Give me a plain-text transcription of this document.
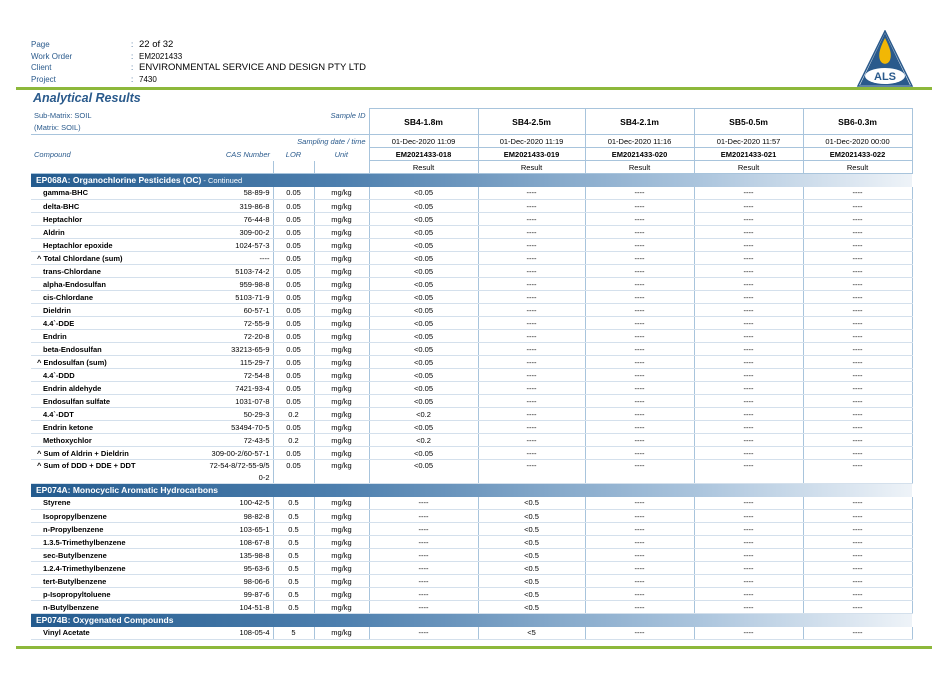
Page	: 22 of 32
Work Order	: EM2021433
Client	: ENVIRONMENTAL SERVICE AND DESIGN PTY LTD
Project	: 7430	ALS
Analytical Results
Sub-Matrix: SOIL	Sample ID			SB4-1.8m	SB4-2.5m	SB4-2.1m	SB5-0.5m	SB6-0.3m
(Matrix: SOIL)								
	Sampling date / time			01-Dec-2020 11:09	01-Dec-2020 11:19	01-Dec-2020 11:16	01-Dec-2020 11:57	01-Dec-2020 00:00
Compound	CAS Number	LOR	Unit	EM2021433-018	EM2021433-019	EM2021433-020	EM2021433-021	EM2021433-022
				Result	Result	Result	Result	Result
EP068A: Organochlorine Pesticides (OC) - Continued								
gamma-BHC	58-89-9	0.05	mg/kg	<0.05	----	----	----	----
delta-BHC	319-86-8	0.05	mg/kg	<0.05	----	----	----	----
Heptachlor	76-44-8	0.05	mg/kg	<0.05	----	----	----	----
Aldrin	309-00-2	0.05	mg/kg	<0.05	----	----	----	----
Heptachlor epoxide	1024-57-3	0.05	mg/kg	<0.05	----	----	----	----
^ Total Chlordane (sum)	----	0.05	mg/kg	<0.05	----	----	----	----
trans-Chlordane	5103-74-2	0.05	mg/kg	<0.05	----	----	----	----
alpha-Endosulfan	959-98-8	0.05	mg/kg	<0.05	----	----	----	----
cis-Chlordane	5103-71-9	0.05	mg/kg	<0.05	----	----	----	----
Dieldrin	60-57-1	0.05	mg/kg	<0.05	----	----	----	----
4.4`-DDE	72-55-9	0.05	mg/kg	<0.05	----	----	----	----
Endrin	72-20-8	0.05	mg/kg	<0.05	----	----	----	----
beta-Endosulfan	33213-65-9	0.05	mg/kg	<0.05	----	----	----	----
^ Endosulfan (sum)	115-29-7	0.05	mg/kg	<0.05	----	----	----	----
4.4`-DDD	72-54-8	0.05	mg/kg	<0.05	----	----	----	----
Endrin aldehyde	7421-93-4	0.05	mg/kg	<0.05	----	----	----	----
Endosulfan sulfate	1031-07-8	0.05	mg/kg	<0.05	----	----	----	----
4.4`-DDT	50-29-3	0.2	mg/kg	<0.2	----	----	----	----
Endrin ketone	53494-70-5	0.05	mg/kg	<0.05	----	----	----	----
Methoxychlor	72-43-5	0.2	mg/kg	<0.2	----	----	----	----
^ Sum of Aldrin + Dieldrin	309-00-2/60-57-1	0.05	mg/kg	<0.05	----	----	----	----
^ Sum of DDD + DDE + DDT	72-54-8/72-55-9/5
0-2	0.05	mg/kg	<0.05	----	----	----	----
EP074A: Monocyclic Aromatic Hydrocarbons								
Styrene	100-42-5	0.5	mg/kg	----	<0.5	----	----	----
Isopropylbenzene	98-82-8	0.5	mg/kg	----	<0.5	----	----	----
n-Propylbenzene	103-65-1	0.5	mg/kg	----	<0.5	----	----	----
1.3.5-Trimethylbenzene	108-67-8	0.5	mg/kg	----	<0.5	----	----	----
sec-Butylbenzene	135-98-8	0.5	mg/kg	----	<0.5	----	----	----
1.2.4-Trimethylbenzene	95-63-6	0.5	mg/kg	----	<0.5	----	----	----
tert-Butylbenzene	98-06-6	0.5	mg/kg	----	<0.5	----	----	----
p-Isopropyltoluene	99-87-6	0.5	mg/kg	----	<0.5	----	----	----
n-Butylbenzene	104-51-8	0.5	mg/kg	----	<0.5	----	----	----
EP074B: Oxygenated Compounds								
Vinyl Acetate	108-05-4	5	mg/kg	----	<5	----	----	----
